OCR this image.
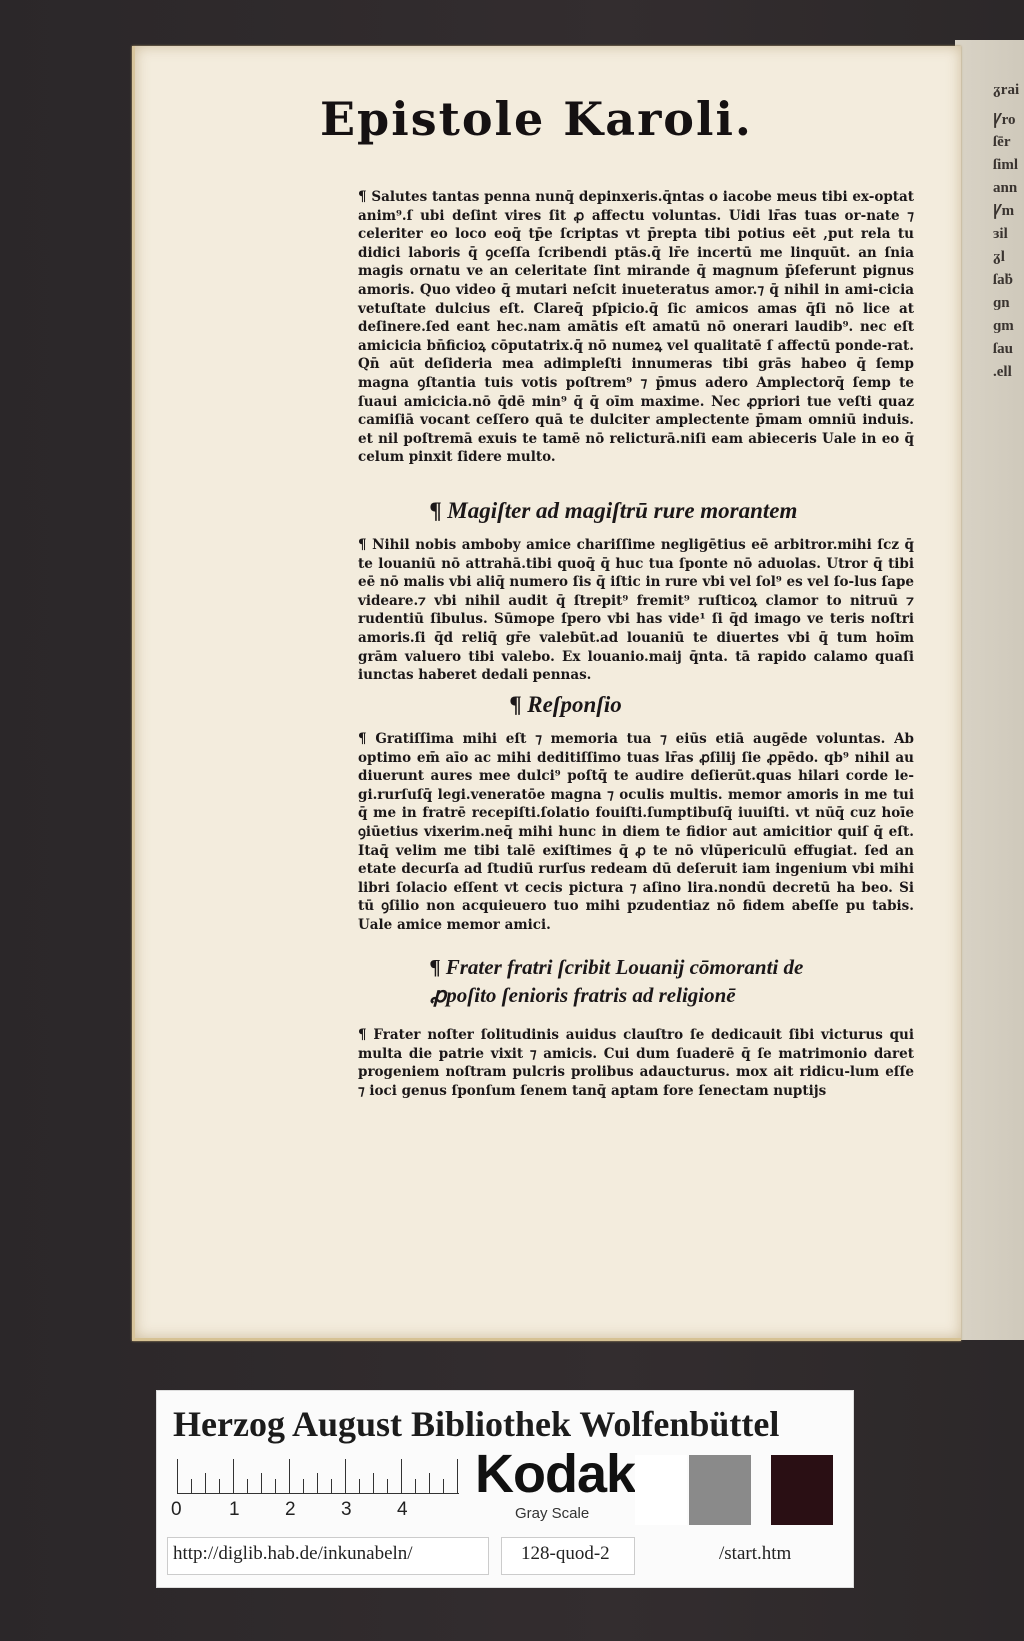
ᵹrai
Ꝩro
ſēr
ſiml
ann
Ꝩm
ɜil
ᵹl
ſaḃ
ɡn
ɡm
ſau
.ell
Epistole Karoli.

¶ Salutes tantas penna nunq̄ depinxeris.q̄ntas o iacobe meus tibi ex-optat anim⁹.ſ ubi deſint vires ſit ꝓ affectu voluntas. Uidi lr̄as tuas or-nate ⁊ celeriter eo loco eoq̄ tp̄e ſcriptas vt p̄repta tibi potius eēt ,put rela tu didici laboris q̄ ꝯceſſa ſcribendi ptās.q̄ lr̄e incertū me linquūt. an ſnia magis ornatu ve an celeritate ſint mirande q̄ magnum p̄ſeferunt pignus amoris. Quo video q̄ mutari neſcit inueteratus amor.⁊ q̄ nihil in ami-cicia vetuſtate dulcius eſt. Clareq̄ pſpicio.q̄ ſic amicos amas q̄ſi nō lice at deſinere.ſed eant hec.nam amātis eſt amatū nō onerari laudib⁹. nec eſt amicicia bn̄ficioꝝ cōputatrix.q̄ nō numeꝝ vel qualitatē ſ affectū ponde-rat. Qn̄ aūt deſideria mea adimpleſti innumeras tibi grās habeo q̄ ſemp magna ꝯſtantia tuis votis poſtrem⁹ ⁊ p̄mus adero Amplectorq̄ ſemp te ſuaui amicicia.nō q̄dē min⁹ q̄ q̄ oīm maxime. Nec ꝓpriori tue veſti quaz camiſiā vocant ceſſero quā te dulciter amplectente p̄mam omniū induis. et nil poſtremā exuis te tamē nō relicturā.niſi eam abieceris Uale in eo q̄ celum pinxit ſidere multo.

¶ Magiſter ad magiſtrū rure morantem

¶ Nihil nobis amboby amice chariſſime negligētius eē arbitror.mihi ſcz q̄ te louaniū nō attrahā.tibi quoq̄ q̄ huc tua ſponte nō aduolas. Utror q̄ tibi eē nō malis vbi aliq̄ numero ſis q̄ iſtic in rure vbi vel ſol⁹ es vel ſo-lus ſape videare.⁊ vbi nihil audit q̄ ſtrepit⁹ fremit⁹ ruſticoꝝ clamor to nitruū ⁊ rudentiū ſibulus. Sūmope ſpero vbi has vide¹ ſi q̄d imago ve teris noſtri amoris.ſi q̄d reliq̄ gr̄e valebūt.ad louaniū te diuertes vbi q̄ tum hoīm grām valuero tibi valebo. Ex louanio.maij q̄nta. tā rapido calamo quaſi iunctas haberet dedali pennas.

¶ Reſponſio

¶ Gratiſſima mihi eſt ⁊ memoria tua ⁊ eiūs etiā augēde voluntas. Ab optimo em̄ aīo ac mihi deditiſſimo tuas lr̄as ꝓſilij ſie ꝓpēdo. qb⁹ nihil au diuerunt aures mee dulci⁹ poſtq̄ te audire deſierūt.quas hilari corde le-gi.rurſuſq̄ legi.veneratōe magna ⁊ oculis multis. memor amoris in me tui q̄ me in fratrē recepiſti.ſolatio fouiſti.ſumptibuſq̄ iuuiſti. vt nūq̄ cuz hoīe ꝯiūetius vixerim.neq̄ mihi hunc in diem te fidior aut amicitior quiſ q̄ eſt. Itaq̄ velim me tibi talē exiſtimes q̄ ꝓ te nō vlūpericulū effugiat. ſed an etate decurſa ad ſtudiū rurſus redeam dū deſeruit iam ingenium vbi mihi libri ſolacio eſſent vt cecis pictura ⁊ aſino lira.nondū decretū ha beo. Si tū ꝯſilio non acquieuero tuo mihi pzudentiaz nō fidem abeſſe pu tabis. Uale amice memor amici.

¶ Frater fratri ſcribit Louanij cōmoranti de ꝓpoſito ſenioris fratris ad religionē

¶ Frater noſter ſolitudinis auidus clauſtro ſe dedicauit ſibi victurus qui multa die patrie vixit ⁊ amicis. Cui dum ſuaderē q̄ ſe matrimonio daret progeniem noſtram pulcris prolibus adaucturus. mox ait ridicu-lum eſſe ⁊ ioci genus ſponſum ſenem tanq̄ aptam fore ſenectam nuptijs

Herzog August Bibliothek Wolfenbüttel
0 1 2 3 4
Kodak
Gray Scale
http://diglib.hab.de/inkunabeln/	128-quod-2	/start.htm
